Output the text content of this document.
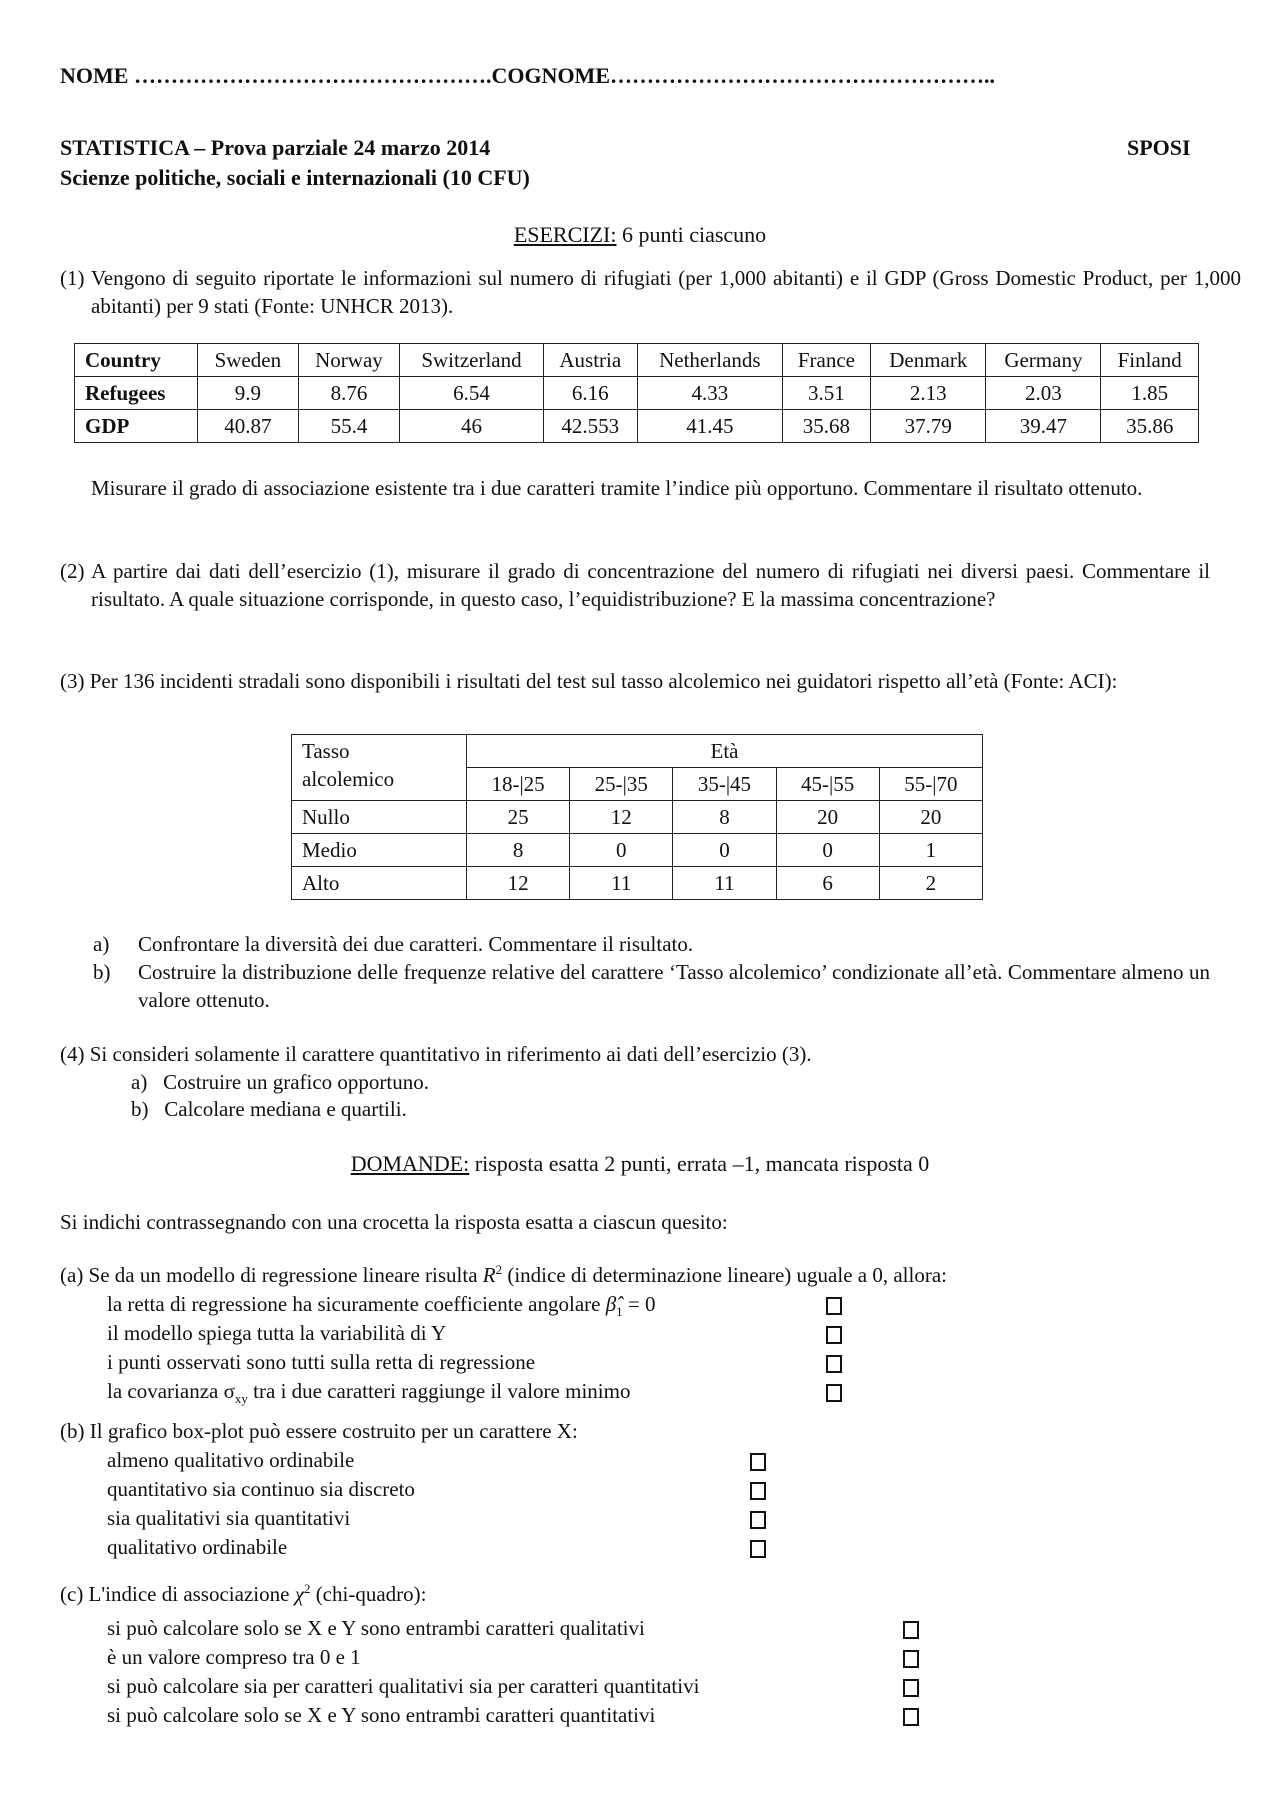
NOME ………………………………………….COGNOME……………………………………………..
STATISTICA – Prova parziale 24 marzo 2014	SPOSI
Scienze politiche, sociali e internazionali (10 CFU)
ESERCIZI: 6 punti ciascuno
(1) Vengono di seguito riportate le informazioni sul numero di rifugiati (per 1,000 abitanti) e il GDP (Gross Domestic Product, per 1,000 abitanti) per 9 stati (Fonte: UNHCR 2013).
Country	Sweden	Norway	Switzerland	Austria	Netherlands	France	Denmark	Germany	Finland
Refugees	9.9	8.76	6.54	6.16	4.33	3.51	2.13	2.03	1.85
GDP	40.87	55.4	46	42.553	41.45	35.68	37.79	39.47	35.86
Misurare il grado di associazione esistente tra i due caratteri tramite l’indice più opportuno. Commentare il risultato ottenuto.
(2) A partire dai dati dell’esercizio (1), misurare il grado di concentrazione del numero di rifugiati nei diversi paesi. Commentare il risultato. A quale situazione corrisponde, in questo caso, l’equidistribuzione? E la massima concentrazione?
(3) Per 136 incidenti stradali sono disponibili i risultati del test sul tasso alcolemico nei guidatori rispetto all’età (Fonte: ACI):
Tasso
alcolemico	Età				
	18-|25	25-|35	35-|45	45-|55	55-|70
Nullo	25	12	8	20	20
Medio	8	0	0	0	1
Alto	12	11	11	6	2
a) Confrontare la diversità dei due caratteri. Commentare il risultato.
b) Costruire la distribuzione delle frequenze relative del carattere ‘Tasso alcolemico’ condizionate all’età. Commentare almeno un valore ottenuto.
(4) Si consideri solamente il carattere quantitativo in riferimento ai dati dell’esercizio (3).
a)   Costruire un grafico opportuno.
b)   Calcolare mediana e quartili.
DOMANDE: risposta esatta 2 punti, errata –1, mancata risposta 0
Si indichi contrassegnando con una crocetta la risposta esatta a ciascun quesito:
(a) Se da un modello di regressione lineare risulta $R^2$ (indice di determinazione lineare) uguale a 0, allora:
la retta di regressione ha sicuramente coefficiente angolare $\betâ_1 = 0$
il modello spiega tutta la variabilità di Y
i punti osservati sono tutti sulla retta di regressione
la covarianza $\sigma_{xy}$ tra i due caratteri raggiunge il valore minimo
(b) Il grafico box-plot può essere costruito per un carattere X:
almeno qualitativo ordinabile
quantitativo sia continuo sia discreto
sia qualitativi sia quantitativi
qualitativo ordinabile
(c) L'indice di associazione $\chi^2$ (chi-quadro):
si può calcolare solo se X e Y sono entrambi caratteri qualitativi
è un valore compreso tra 0 e 1
si può calcolare sia per caratteri qualitativi sia per caratteri quantitativi
si può calcolare solo se X e Y sono entrambi caratteri quantitativi
